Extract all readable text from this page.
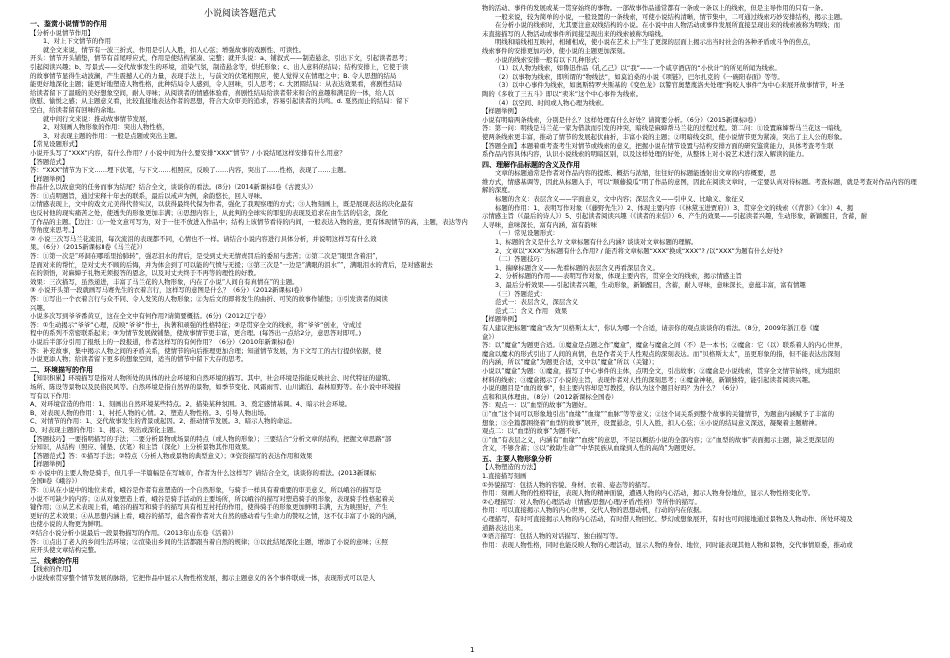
小说阅读答题范式
一、鉴赏小说情节的作用
【分析小说情节作用】
1、对上下文情节的作用
就全文来说，情节有一波三折式、作用是引人入胜，扣人心弦；增强故事的戏剧性、可读性。
开头：情节开头铺垫，情节有首尾呼应式，作用是使结构紧凑、完整；就开头说：a、铺叙式——制造悬念，引出下文，引起读者思考；
引起阅读兴趣；b、写景式——交代故事发生的环境，渲染气氛，制造悬念等，烘托形象；c、出人意料的结局；结构安排上，它使于读
的故事情节显得生动波澜，产生震撼人心的力量，表现手法上，与前文的伏笔相照应，使人觉得又在情理之中；B. 令人思想的结局
能更好地深化主题；能更好地塑造人物性格，此种结局令人感到，令人回味，引人思考；c. 大团圆结局：从表达效果看，喜剧性结局
给读者留下了温暖的美好想象空间，耐人寻味；从阅读者的情感体验看，喜剧性结局给读者带来和合的意趣和满足的一体，给人以
欣慰、愉悦之感；从主题意义看，比较直接地表达作者的思想，符合大众审美的追求，容易引起读者的共鸣。d. 戛然而止的结局：留下
空白，给读者留有回味的余地。
就中间行文来说：推动故事情节发展，
2、对刻画人物形象的作用：突出人物性格，
3、对表现主题的作用：一般是点题或突出主题。
【常见设题形式】
小说开头写了“XXX”内容，有什么作用？/ 小说中间为什么要安排“XXX”情节？/ 小说结尾这样安排有什么用意？
【答题范式】
答：“XXX”情节为下文……埋下伏笔，与下文……相照应，反映了……内容，突出了……性格，表现了……主题。
【样题举例】
作品什么以故意突的任务而事为结尾？结合全文，谈谈你的看法。(8分)（2014新课标Ⅰ卷《古渡头》）
答：①点明题旨，通过宋释十年去的联系，最后以戒声为例，余韵悠长，回人寻味。
②情感表现上，文中的戏文元美得代替实汉，以获得最终代保为作者，强化了我观察理的方式；③人物刻画上，既是展现表达的决化最有
也反衬他的现实痛苦之处，使透失的形象更加丰满；④思想内容上，从此判的全球实的罪犯的表现及追求在由生活的信念，深化
了作品的主题。【边注：①一处文意可写为，对于一往不放进入作品中；结构上该情节看待的内间，一般表达入物的意，更有体现情节的高，主题，表达等内
等角度来思考。】
② 小说三次写马兰花流泪，每次流泪的表现都不同，心情也不一样。请结合小说内容进行具体分析，并说明这样写有什么效
果。（6分）（2015新课标Ⅱ卷《马兰花》）
答：①第一次是“环洞在哪瑶里抬肺转”，强忍泪水的背后，是受到丈夫无情责罚后的委屈与悲苦；②第二次是“眼里含着泪”，
是面对来的帮忙，是对丈夫不顾的后悔，并为体会到了可以能的气愤与无援；③第三次是“一边是“满眼的泪水””，满眼泪水的背后，是对感谢去
在的领悟，对麻婶子礼物无须报答的恩念，以及对丈夫终于不再等的理性的好教。
效果：三次描写，虽然递进，丰富了马兰花的人物形象，内在了小说“人间自有真情在”的主题。
③ 小说开头第一段就画写马赛先生的衣着言行，这样写的意图是什么？（6分）（2012新课标Ⅰ卷）
答：①写出一个衣着言行与众不同、令人发笑的人物形象；②为后文的即将发生的曲折、可笑的故事作铺垫；③引发读者的阅读
兴趣。
小说多次写到爷爷番黄豆，这在全文中有何作用?请简要概括。(6分)（2012辽宁卷）
答：①生动揭示“爷爷”心理，反映“爷爷”作士，执著和顽强的性格特征；②是贯穿全文的线索，将“爷爷”创业，守成过
程中的系列不常密联系起来；③为情节发展做铺垫，使故事情节更丰富，更合理。(每答出一点给2分，意思答对即可。)
小说后半部分引用了报纸上的一段报道，作者这样写的有何作用？（6分）（2010年新课标Ⅰ卷）
答：补充故事，集中揭示人物之间的矛盾关系，使情节的向后推理更加合理；知道情节发展，为下文写工的古行提供依据，使
小说更添人物；给读者留下更多的想象空间，适当的情节中留下大存的思考。
二、环境描写的作用
【知识积累】环境描写是指对人物所处的具体的社会环境和自然环境的描写。其中，社会环境是指能反映社会、时代特征的建筑、
场所、陈设等景物以及民俗民风等。自然环境是指自然界的景物，如季节变化、风霜雨雪、山川湖泊、森林原野等。在小说中环境描
写有以下作用：
A、对环境营造的作用：1、刻画出自然环境某些特点。2、描染某种氛围。3、奠定感情基调。4、暗示社会环境。
B、对表现人物的作用：1、衬托人物的心情。2、塑造人物性格。3、引导人物出场。
C、对情节的作用：1、交代故事发生的背景或起因。2、推动情节发展。3、暗示人物的命运。
D、对表现主题的作用：1、揭示、突出或深化主题。
【答题技巧】一要指明描写的手法；二要分析景物或场景的特点（或人物的形象）；三要结合“分析文章的结构，把握文章思路”部
分知识，从结构（照应、铺垫、伏笔）和主旨（深化）上分析景物其作用效果。
【答题范式】答：①描写手法；②特点（分析人物或景物的典型意义）；③资资描写的表达作用和效果
【样题举例】
① 小说中的主要人物是骑手，但几乎一半篇幅是在写城市，作者为什么这样写？请结合全文，谈谈你的看法。(2013新课标
全国Ⅱ卷《峨谷》）
答：①从在小说中的地位来看，峨谷是作者有意塑造的一个自然形象，与骑手一样具有着重要的审美意义，所以峨谷的描写是
小说不可缺少的内容；②从对象塑造上看，峨谷是骑手活动的主要场所，所以峨谷的描写对塑造骑手的形象，表现骑手性格起着关
键作用；③从艺术表现上看，峨谷的描写和骑手的描写具有相互衬托的作用，使得骑手的形象更加鲜明丰满，五为映照好，产生
更好的艺术效果；④从思想内涵上看，峨谷的描写，蕴含着作者对大自然的感动看与生命力的赞叹之情，这不仅丰富了小说的内涵，
也使小说的人物更为鲜明。
②结合小说分析小说最后一段景物描写的作用。（2013年山东卷《活着》）
答：①点出了老人的乡间生活环境；②渲染出乡间的生活都跟当着自然的规律；③以此结尾深化主题，增添了小说的意味；④照
应开头使文章结构完整。
三、线索的作用
【线索的作用】
小说线索贯穿整个情节发展的脉络，它把作品中显示人物性格发展，揭示主题意义的各个事件联成一体，表现形式可以是人
物的活动、事件的发展或某一贯穿始终的事物。一部故事作品通常都有一条或一条以上的线索，但是主导作用的只有一条。
一般来说，较为简单的小说，一般设置的一条线索，可使小说结构清晰，情节集中，二可通过线索巧妙安排结构，揭示主题。
在分析小说的线索时，尤其要注意双线结构的小说。在小说中由人物活动或事件发展所直接呈现出来的线索被称为明线；而
未直接描写的人物活动或事件所间接呈现出来的线索被称为暗线。
明线和暗线相互映衬，相辅相成，使小说在艺术上产生了更深的层面上揭示出当时社会的各种矛盾或斗争的焦点，
线索事件的安排更加巧妙，使小说的主题更加深刻。
小说的线索安排一般有以下几种形式：
（1）以人物为线索，如鲁迅作品《孔乙己》以“我”——一个咸亨酒店的“小伙计”的所见所闻为线索。
（2）以事物为线索，即所谓的“物线法”，如莫泊桑的小说《项链》，巴尔扎克的《一碗阳春面》等等。
（3）以中心事件为线索，如奥斯特罗夫斯基的《变色龙》以警官奥楚蔑洛夫处理“狗咬人事件”为中心来展开故事情节，叶圣
陶的《多收了三五斗》即以“卖米”这个中心事件为线索。
（4）以空间、时间或人物心理为线索。
【样题举例】
小说有明暗两条线索，分别是什么？这样处理有什么好处？请简要分析。（6分）（2015新课标Ⅰ卷）
答：第一问：明线是马兰花一家为借款而引发的冲突，暗线是麻婶帮马兰花的过程过程。第二问：①设置麻婶帮马兰花这一暗线，
使两条线索更丰富，推动了情节的发展起伏曲折，丰富小说的主题；②明暗线交织，使小说情节更为紧凑，突出了主人公的形象。
【答题全面】本题着重考查考生对情节或线索的意义，把握小说在情节设置与结构安排方面的研究鉴赏能力，具体考查考生联
系作品内容具体内容，认识小说线索的明暗区别，以及这样处理的好处，从整体上对小说艺术进行深入解读的能力。
四、理解作品标题的含义及作用
文章的标题通常是作者对作品内容的提炼、概括与浓缩，往往好的标题能透射出文章的内容概要，思
维方式，情感基调等，因此从标题入手，可以“顺藤摸瓜”明了作品的意图，因此在阅读文章时，一定要认真对待标题。考查标题，就是考查对作品内容的理
解的深度。
标题的含义：表层含义——字面意义，文中内容；深层含义——引申义、比喻义、象征义
标题的作用：1、表明写作对象（《藤野先生》）2、体现主要内容（《林黛玉进贾府》）3、贯穿全文的线索（《背影》《伞》）4、揭
示情感主旨（《最后的诗人》）5、引起读者阅读兴趣（《读者的来信》）6、产生的效果——引起读者兴趣，生动形象，新颖醒目，含蓄，耐
人寻味，意味深长，富有内涵，富有韵味
（一）常见设题形式：
1、标题的含义是什么?/ 文章标题有什么内涵? 谈谈对文章标题的理解。
2、文章以“XXX”为标题有什么作用? / 能否将文章标题“XXX”换成“XXX”? /以“XXX”为题有什么好处?
（二）答题技巧：
1、揣摩标题含义——先看标题的表层含义再看深层含义。
2、分析标题的作用——表明写作对象，体现主要内容，贯穿全文的线索，揭示情感主旨
3、最后分析效果——引起读者兴趣，生动形象，新颖醒目，含蓄，耐人寻味，意味深长，意蕴丰富，富有情趣
（三）答题范式：
范式一：表层含义，深层含义
范式二：含义 作用　效果
【样题举例】
有人建议把标题“魔盒”改为“贝格斯太太”，你认为哪一个合适，请亲你的观点谈谈你的看法。（8分，2009年浙江卷《魔
盒》）
答：以“魔盒”为题更合适。①魔盒是点题之作“魔盒”，魔盒与魔盒之间（不）是一本书；②魔盒：它（以）联系着人的内心世界，
魔盒以魔术的形式引出了人间的真情，也是作者关于人性观点的深刻表达。而“贝格斯太太”，虽更形象的指，但不能表达出深刻
的内涵，所以“魔盒”为题更合适，文中以“魔盒”所以（关键）；
小说以“魔盒”为题：①魔盒，描写了中心事件的主体，点明全文，引出故事；②魔盒是小说线索，贯穿全文情节始终，成为组织
材料的线索；③魔盒揭示了小说的主旨，表现作者对人性的深刻思考；④魔盒神秘，新颖独特，能引起读者阅读兴趣。
小说的题目是“血的故事”，但主要内容却是写教授，你认为这个题目好吗？为什么？（6分）
点和和具体理由。（8分）（2012新课标全国卷）
答：观点一：以“血型的故事”为题好。
①“血”这个词可以形象地引出“血缘”“血缘”“血脉”等等意义；②这个词关系到整个故事的关键情节，为题意内涵赋予了丰富的
想象；③全篇都围绕着“血型的故事”展开，设置悬念，引人入胜，扣人心弦；④小说的结局意义深远，凝聚着主题精神。
观点二：以“血型的故事”为题不好。
①“血”有表层之义，内涵有“血缘”“血统”的意思，不足以概括小说的全部内容；②“血型的故事”表面揭示主题，缺乏更深层的
含义，不够含蓄；③以“救助生命”“中华民族从血缘到人性的高尚”为题更好。
五、主要人物形象分析
【人物塑造的方法】
1.直接描写刻画
①外貌描写：包括人物的容貌、身材、衣着、姿态等的描写。
作用：刻画人物的性格特征，表现人物的精神面貌，遭遇人物的内心活动，揭示人物身份地位，显示人物性格变化等。
②心理描写：对人物的心理活动（情感/思想/心理/矛盾/性格）等所作的描写。
作用：可以直接揭示人物的内心世界，交代人物的思想动机，行动的内在依据。
心理描写，有时可直接揭示人物的内心活动，有时借人物回忆、梦幻或想象展开，有时也可间接地通过景物及人物动作、所处环境及
道路表达出来。
③语言描写：包括人物的对话描写、独白描写等。
作用：表现人物性格，同时也能反映人物的心理活动，显示人物的身份、地位，同时能表现其他人物和景物，交代事情原委，推动或
1
